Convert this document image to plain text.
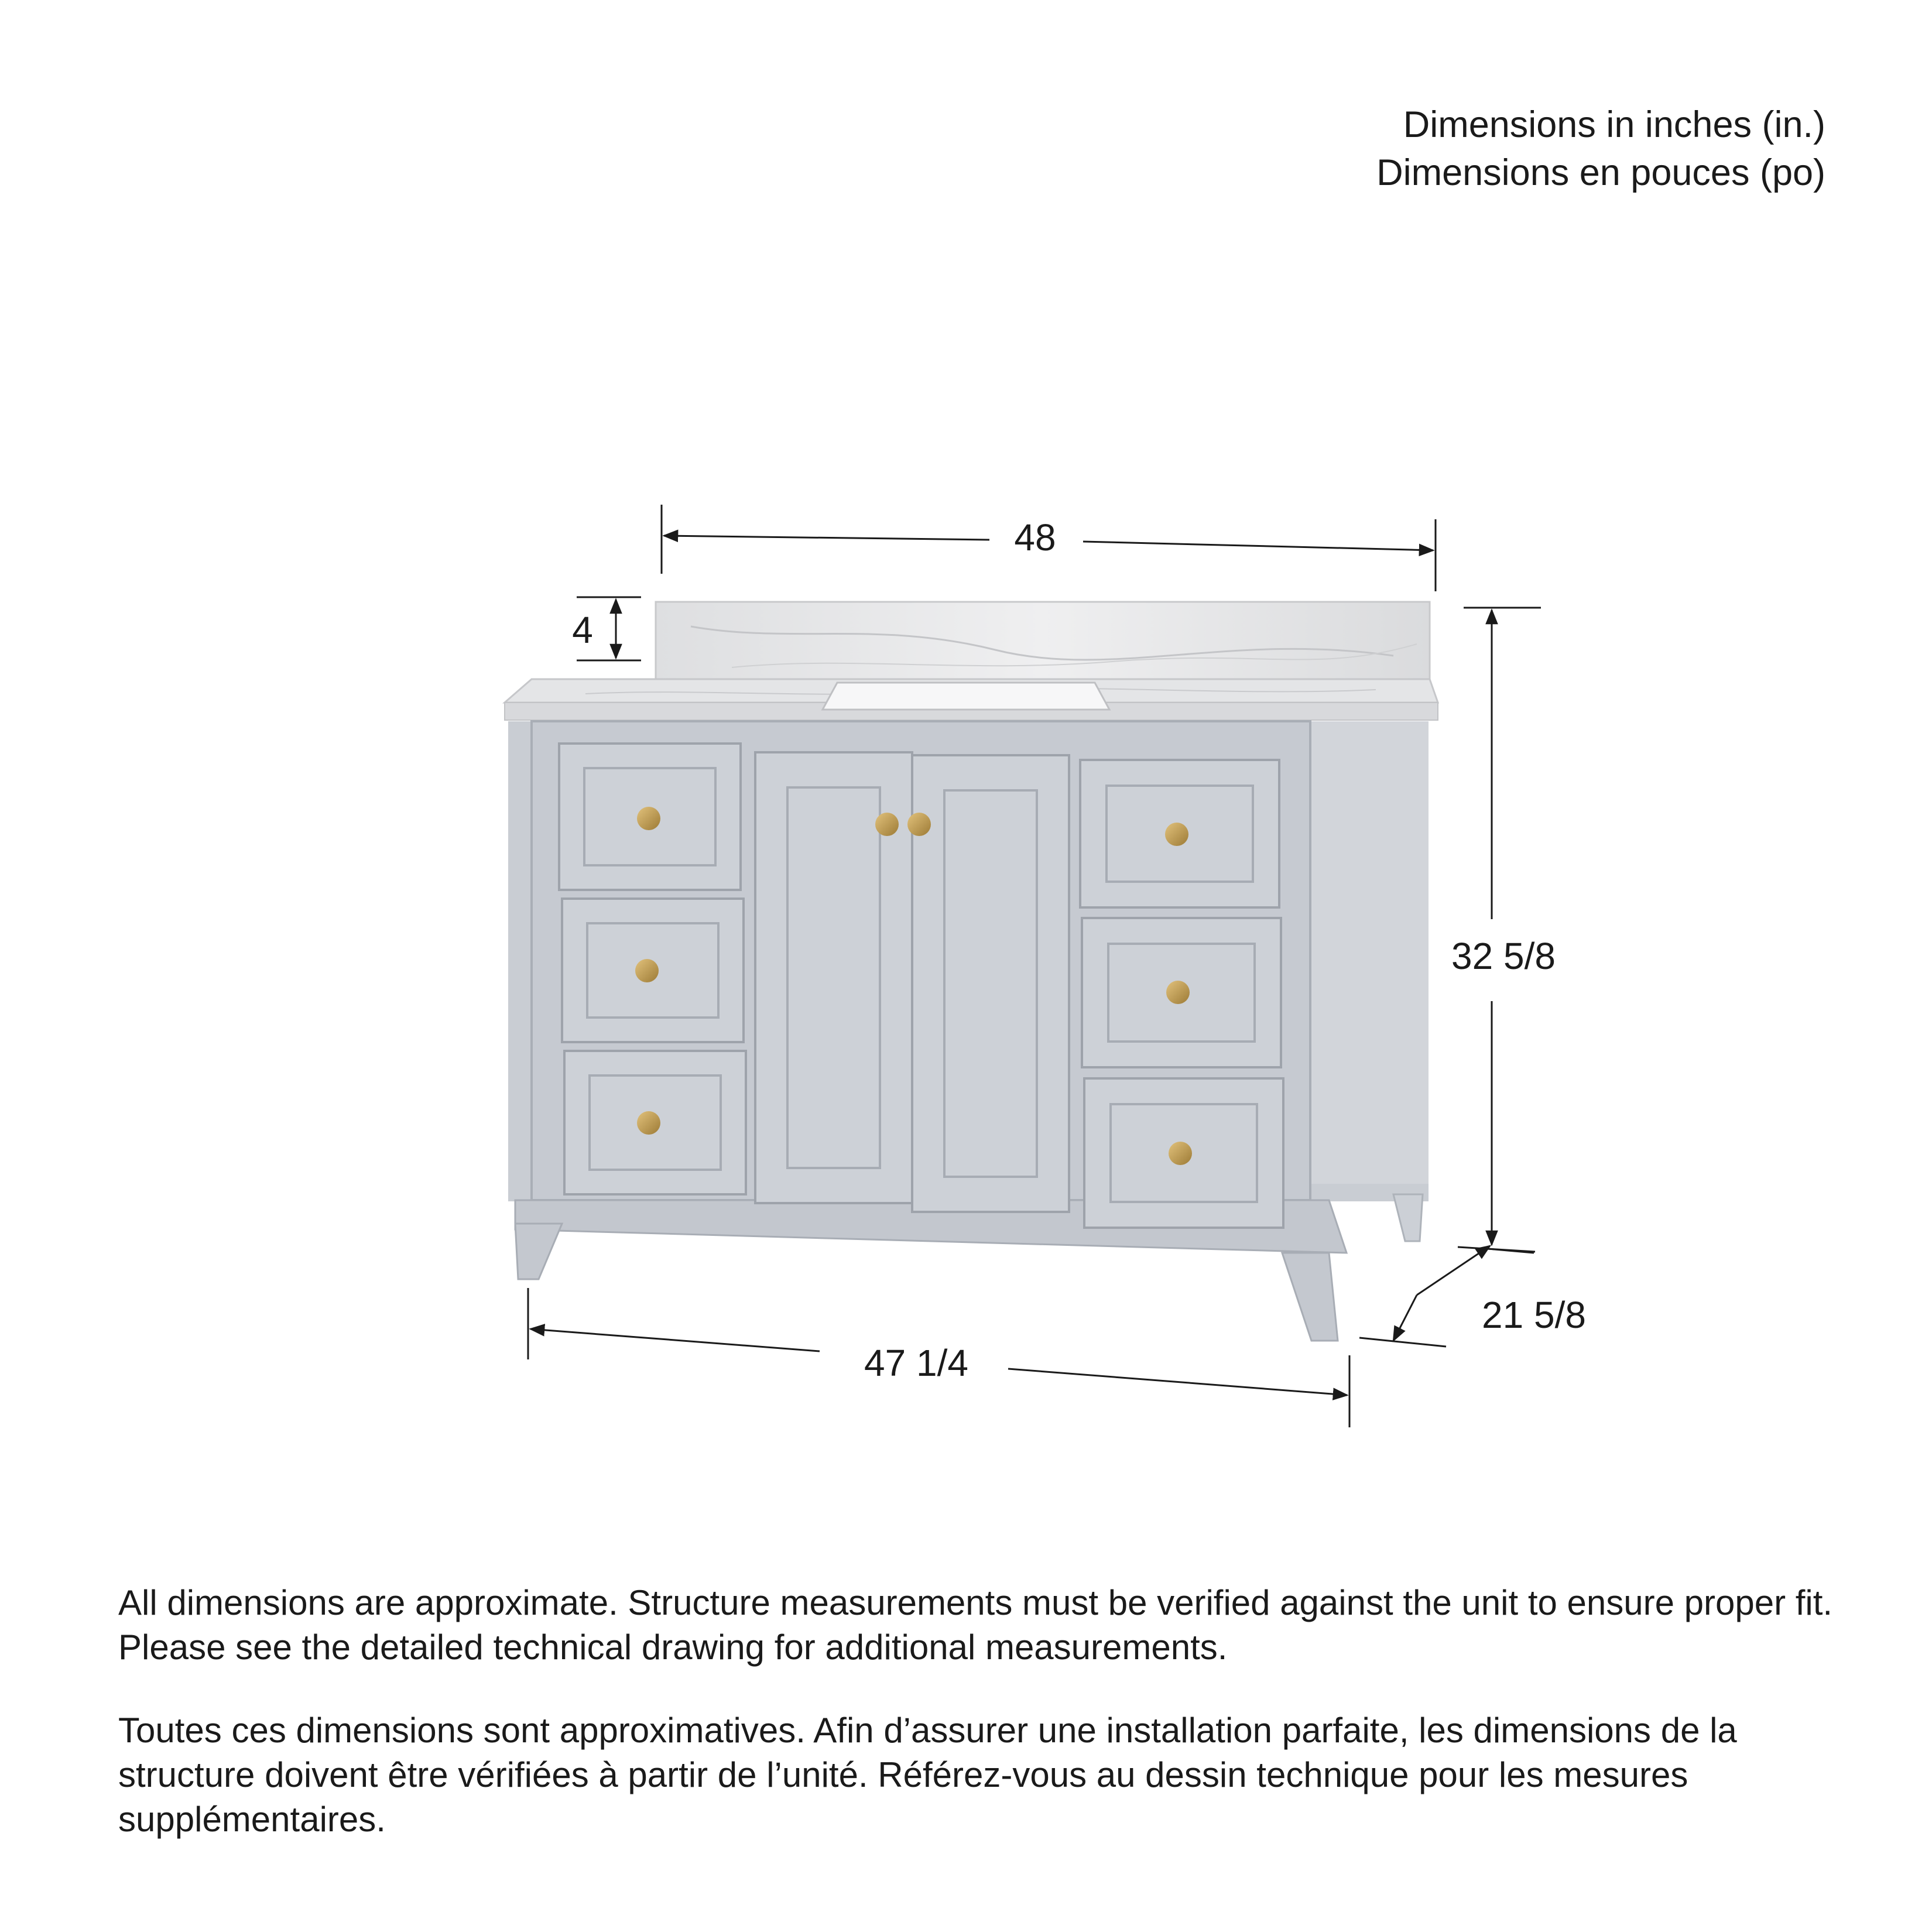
Dimensions in inches (in.)
Dimensions en pouces (po)
48
4
32 5/8
21 5/8
47 1/4

All dimensions are approximate. Structure measurements must be verified against the unit to ensure proper fit. Please see the detailed technical drawing for additional measurements.

Toutes ces dimensions sont approximatives. Afin d’assurer une installation parfaite, les dimensions de la structure doivent être vérifiées à partir de l’unité. Référez-vous au dessin technique pour les mesures supplémentaires.
